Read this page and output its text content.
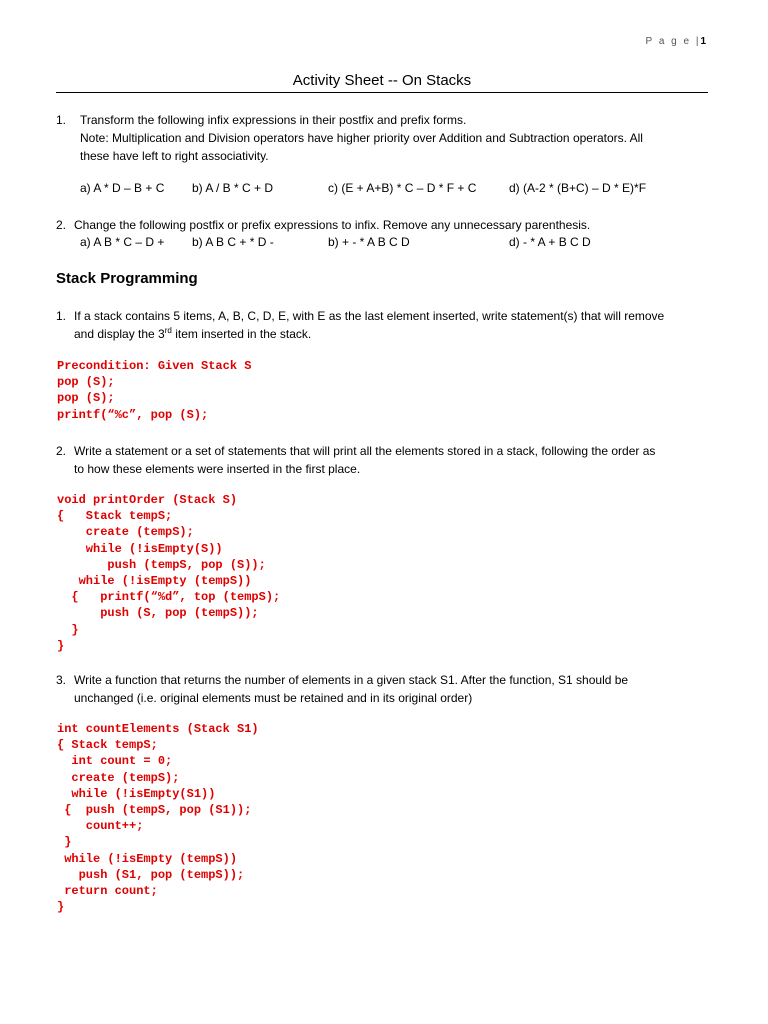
P a g e |1
Activity Sheet -- On Stacks
1. Transform the following infix expressions in their postfix and prefix forms.
Note: Multiplication and Division operators have higher priority over Addition and Subtraction operators. All
these have left to right associativity.
a) A * D – B + C b) A / B * C + D	c) (E + A+B) * C – D * F + C	d) (A-2 * (B+C) – D * E)*F
2. Change the following postfix or prefix expressions to infix. Remove any unnecessary parenthesis.
a) A B * C – D + b) A B C + * D -	b) + - * A B C D	d) - * A + B C D
Stack Programming
1. If a stack contains 5 items, A, B, C, D, E, with E as the last element inserted, write statement(s) that will remove
and display the 3rd item inserted in the stack.
Precondition: Given Stack S
pop (S);
pop (S);
printf(“%c”, pop (S);
2. Write a statement or a set of statements that will print all the elements stored in a stack, following the order as
to how these elements were inserted in the first place.
void printOrder (Stack S)
{   Stack tempS;
create (tempS);
while (!isEmpty(S))
push (tempS, pop (S));
while (!isEmpty (tempS))
{   printf(“%d”, top (tempS);
push (S, pop (tempS));
}
}
3. Write a function that returns the number of elements in a given stack S1. After the function, S1 should be
unchanged (i.e. original elements must be retained and in its original order)
int countElements (Stack S1)
{ Stack tempS;
int count = 0;
create (tempS);
while (!isEmpty(S1))
{  push (tempS, pop (S1));
count++;
}
while (!isEmpty (tempS))
push (S1, pop (tempS));
return count;
}
